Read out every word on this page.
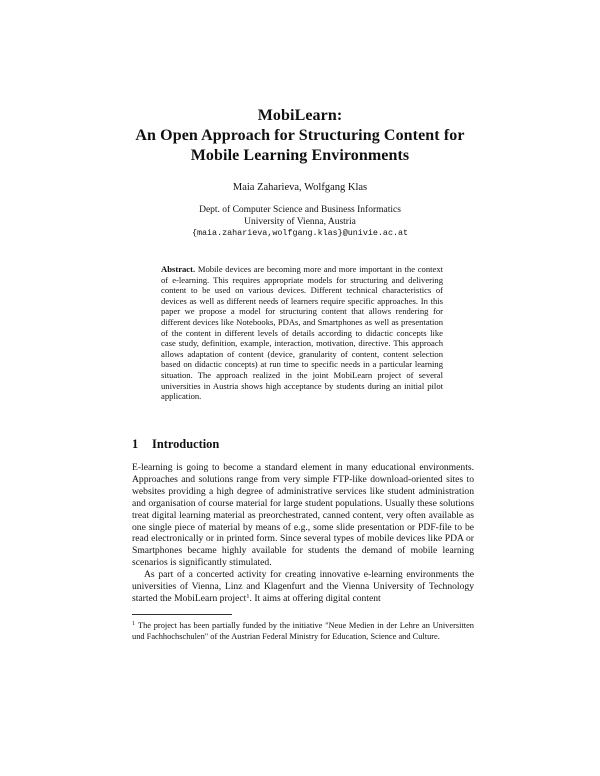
MobiLearn:
An Open Approach for Structuring Content for
Mobile Learning Environments
Maia Zaharieva, Wolfgang Klas
Dept. of Computer Science and Business Informatics
University of Vienna, Austria
{maia.zaharieva,wolfgang.klas}@univie.ac.at
Abstract. Mobile devices are becoming more and more important in the context of e-learning. This requires appropriate models for structuring and delivering content to be used on various devices. Different technical characteristics of devices as well as different needs of learners require specific approaches. In this paper we propose a model for structuring content that allows rendering for different devices like Notebooks, PDAs, and Smartphones as well as presentation of the content in different levels of details according to didactic concepts like case study, definition, example, interaction, motivation, directive. This approach allows adaptation of content (device, granularity of content, content selection based on didactic concepts) at run time to specific needs in a particular learning situation. The approach realized in the joint MobiLearn project of several universities in Austria shows high acceptance by students during an initial pilot application.
1 Introduction

E-learning is going to become a standard element in many educational environments. Approaches and solutions range from very simple FTP-like download-oriented sites to websites providing a high degree of administrative services like student administration and organisation of course material for large student populations. Usually these solutions treat digital learning material as preorchestrated, canned content, very often available as one single piece of material by means of e.g., some slide presentation or PDF-file to be read electronically or in printed form. Since several types of mobile devices like PDA or Smartphones became highly available for students the demand of mobile learning scenarios is significantly stimulated.

As part of a concerted activity for creating innovative e-learning environments the universities of Vienna, Linz and Klagenfurt and the Vienna University of Technology started the MobiLearn project$^1$. It aims at offering digital content

$^1$ The project has been partially funded by the initiative "Neue Medien in der Lehre an Universitten und Fachhochschulen" of the Austrian Federal Ministry for Education, Science and Culture.
